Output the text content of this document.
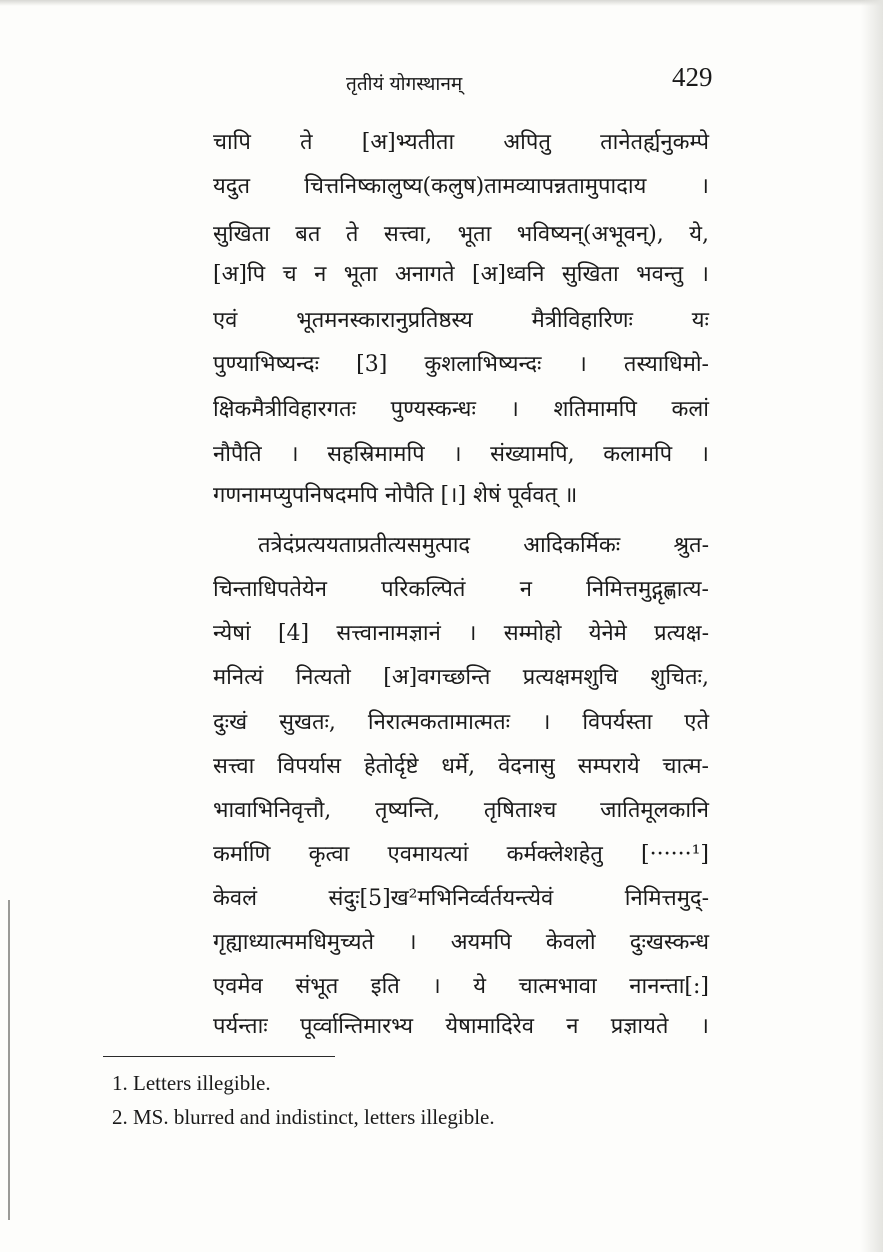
तृतीयं योगस्थानम्	429
चापि ते [अ]भ्यतीता अपितु तानेतर्ह्यनुकम्पे
यदुत चित्तनिष्कालुष्य(कलुष)तामव्यापन्नतामुपादाय ।
सुखिता बत ते सत्त्वा, भूता भविष्यन्(अभूवन्), ये,
[अ]पि च न भूता अनागते [अ]ध्वनि सुखिता भवन्तु ।
एवं भूतमनस्कारानुप्रतिष्ठस्य मैत्रीविहारिणः यः
पुण्याभिष्यन्दः [3] कुशलाभिष्यन्दः । तस्याधिमो-
क्षिकमैत्रीविहारगतः पुण्यस्कन्धः । शतिमामपि कलां
नौपैति । सहस्रिमामपि । संख्यामपि, कलामपि ।
गणनामप्युपनिषदमपि नोपैति [।] शेषं पूर्ववत् ॥
तत्रेदंप्रत्ययताप्रतीत्यसमुत्पाद आदिकर्मिकः श्रुत-
चिन्ताधिपतेयेन परिकल्पितं न निमित्तमुद्गृह्णात्य-
न्येषां [4] सत्त्वानामज्ञानं । सम्मोहो येनेमे प्रत्यक्ष-
मनित्यं नित्यतो [अ]वगच्छन्ति प्रत्यक्षमशुचि शुचितः,
दुःखं सुखतः, निरात्मकतामात्मतः । विपर्यस्ता एते
सत्त्वा विपर्यास हेतोर्दृष्टे धर्मे, वेदनासु सम्पराये चात्म-
भावाभिनिवृत्तौ, तृष्यन्ति, तृषिताश्च जातिमूलकानि
कर्माणि कृत्वा एवमायत्यां कर्मक्लेशहेतु [······¹]
केवलं संदुः[5]ख²मभिनिर्व्वर्तयन्त्येवं निमित्तमुद्-
गृह्याध्यात्ममधिमुच्यते । अयमपि केवलो दुःखस्कन्ध
एवमेव संभूत इति । ये चात्मभावा नानन्ता[:]
पर्यन्ताः पूर्व्वान्तिमारभ्य येषामादिरेव न प्रज्ञायते ।
1. Letters illegible.
2. MS. blurred and indistinct, letters illegible.
